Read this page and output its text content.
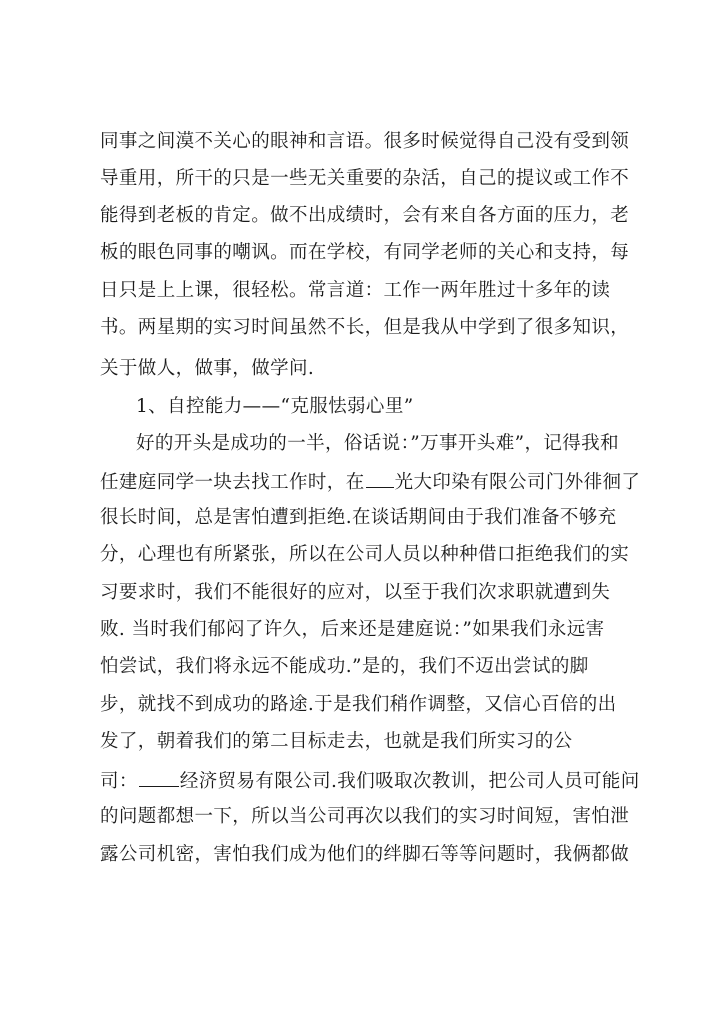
同事之间漠不关心的眼神和言语。很多时候觉得自己没有受到领
导重用，所干的只是一些无关重要的杂活，自己的提议或工作不
能得到老板的肯定。做不出成绩时，会有来自各方面的压力，老
板的眼色同事的嘲讽。而在学校，有同学老师的关心和支持，每
日只是上上课，很轻松。常言道：工作一两年胜过十多年的读
书。两星期的实习时间虽然不长，但是我从中学到了很多知识，
关于做人，做事，做学问.
1、自控能力——“克服怯弱心里”
好的开头是成功的一半，俗话说：”万事开头难”，记得我和
任建庭同学一块去找工作时，在 光大印染有限公司门外徘徊了
很长时间，总是害怕遭到拒绝.在谈话期间由于我们准备不够充
分，心理也有所紧张，所以在公司人员以种种借口拒绝我们的实
习要求时，我们不能很好的应对，以至于我们次求职就遭到失
败. 当时我们郁闷了许久，后来还是建庭说：”如果我们永远害
怕尝试，我们将永远不能成功.”是的，我们不迈出尝试的脚
步，就找不到成功的路途.于是我们稍作调整，又信心百倍的出
发了，朝着我们的第二目标走去，也就是我们所实习的公
司： 经济贸易有限公司.我们吸取次教训，把公司人员可能问
的问题都想一下，所以当公司再次以我们的实习时间短，害怕泄
露公司机密，害怕我们成为他们的绊脚石等等问题时，我俩都做
